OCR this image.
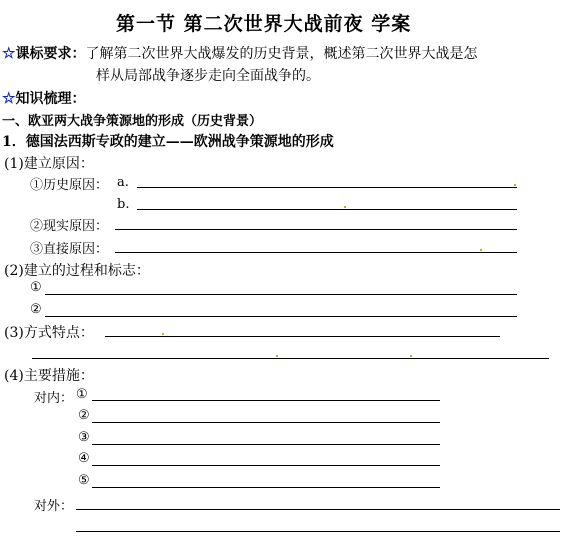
第一节 第二次世界大战前夜 学案
☆课标要求：了解第二次世界大战爆发的历史背景，概述第二次世界大战是怎
样从局部战争逐步走向全面战争的。
☆知识梳理：
一、欧亚两大战争策源地的形成（历史背景）
1．德国法西斯专政的建立——欧洲战争策源地的形成
(1)建立原因：
①历史原因： a.
b.
②现实原因：
③直接原因：
(2)建立的过程和标志：
①
②
(3)方式特点：
(4)主要措施：
对内： ①
②
③
④
⑤
对外：
